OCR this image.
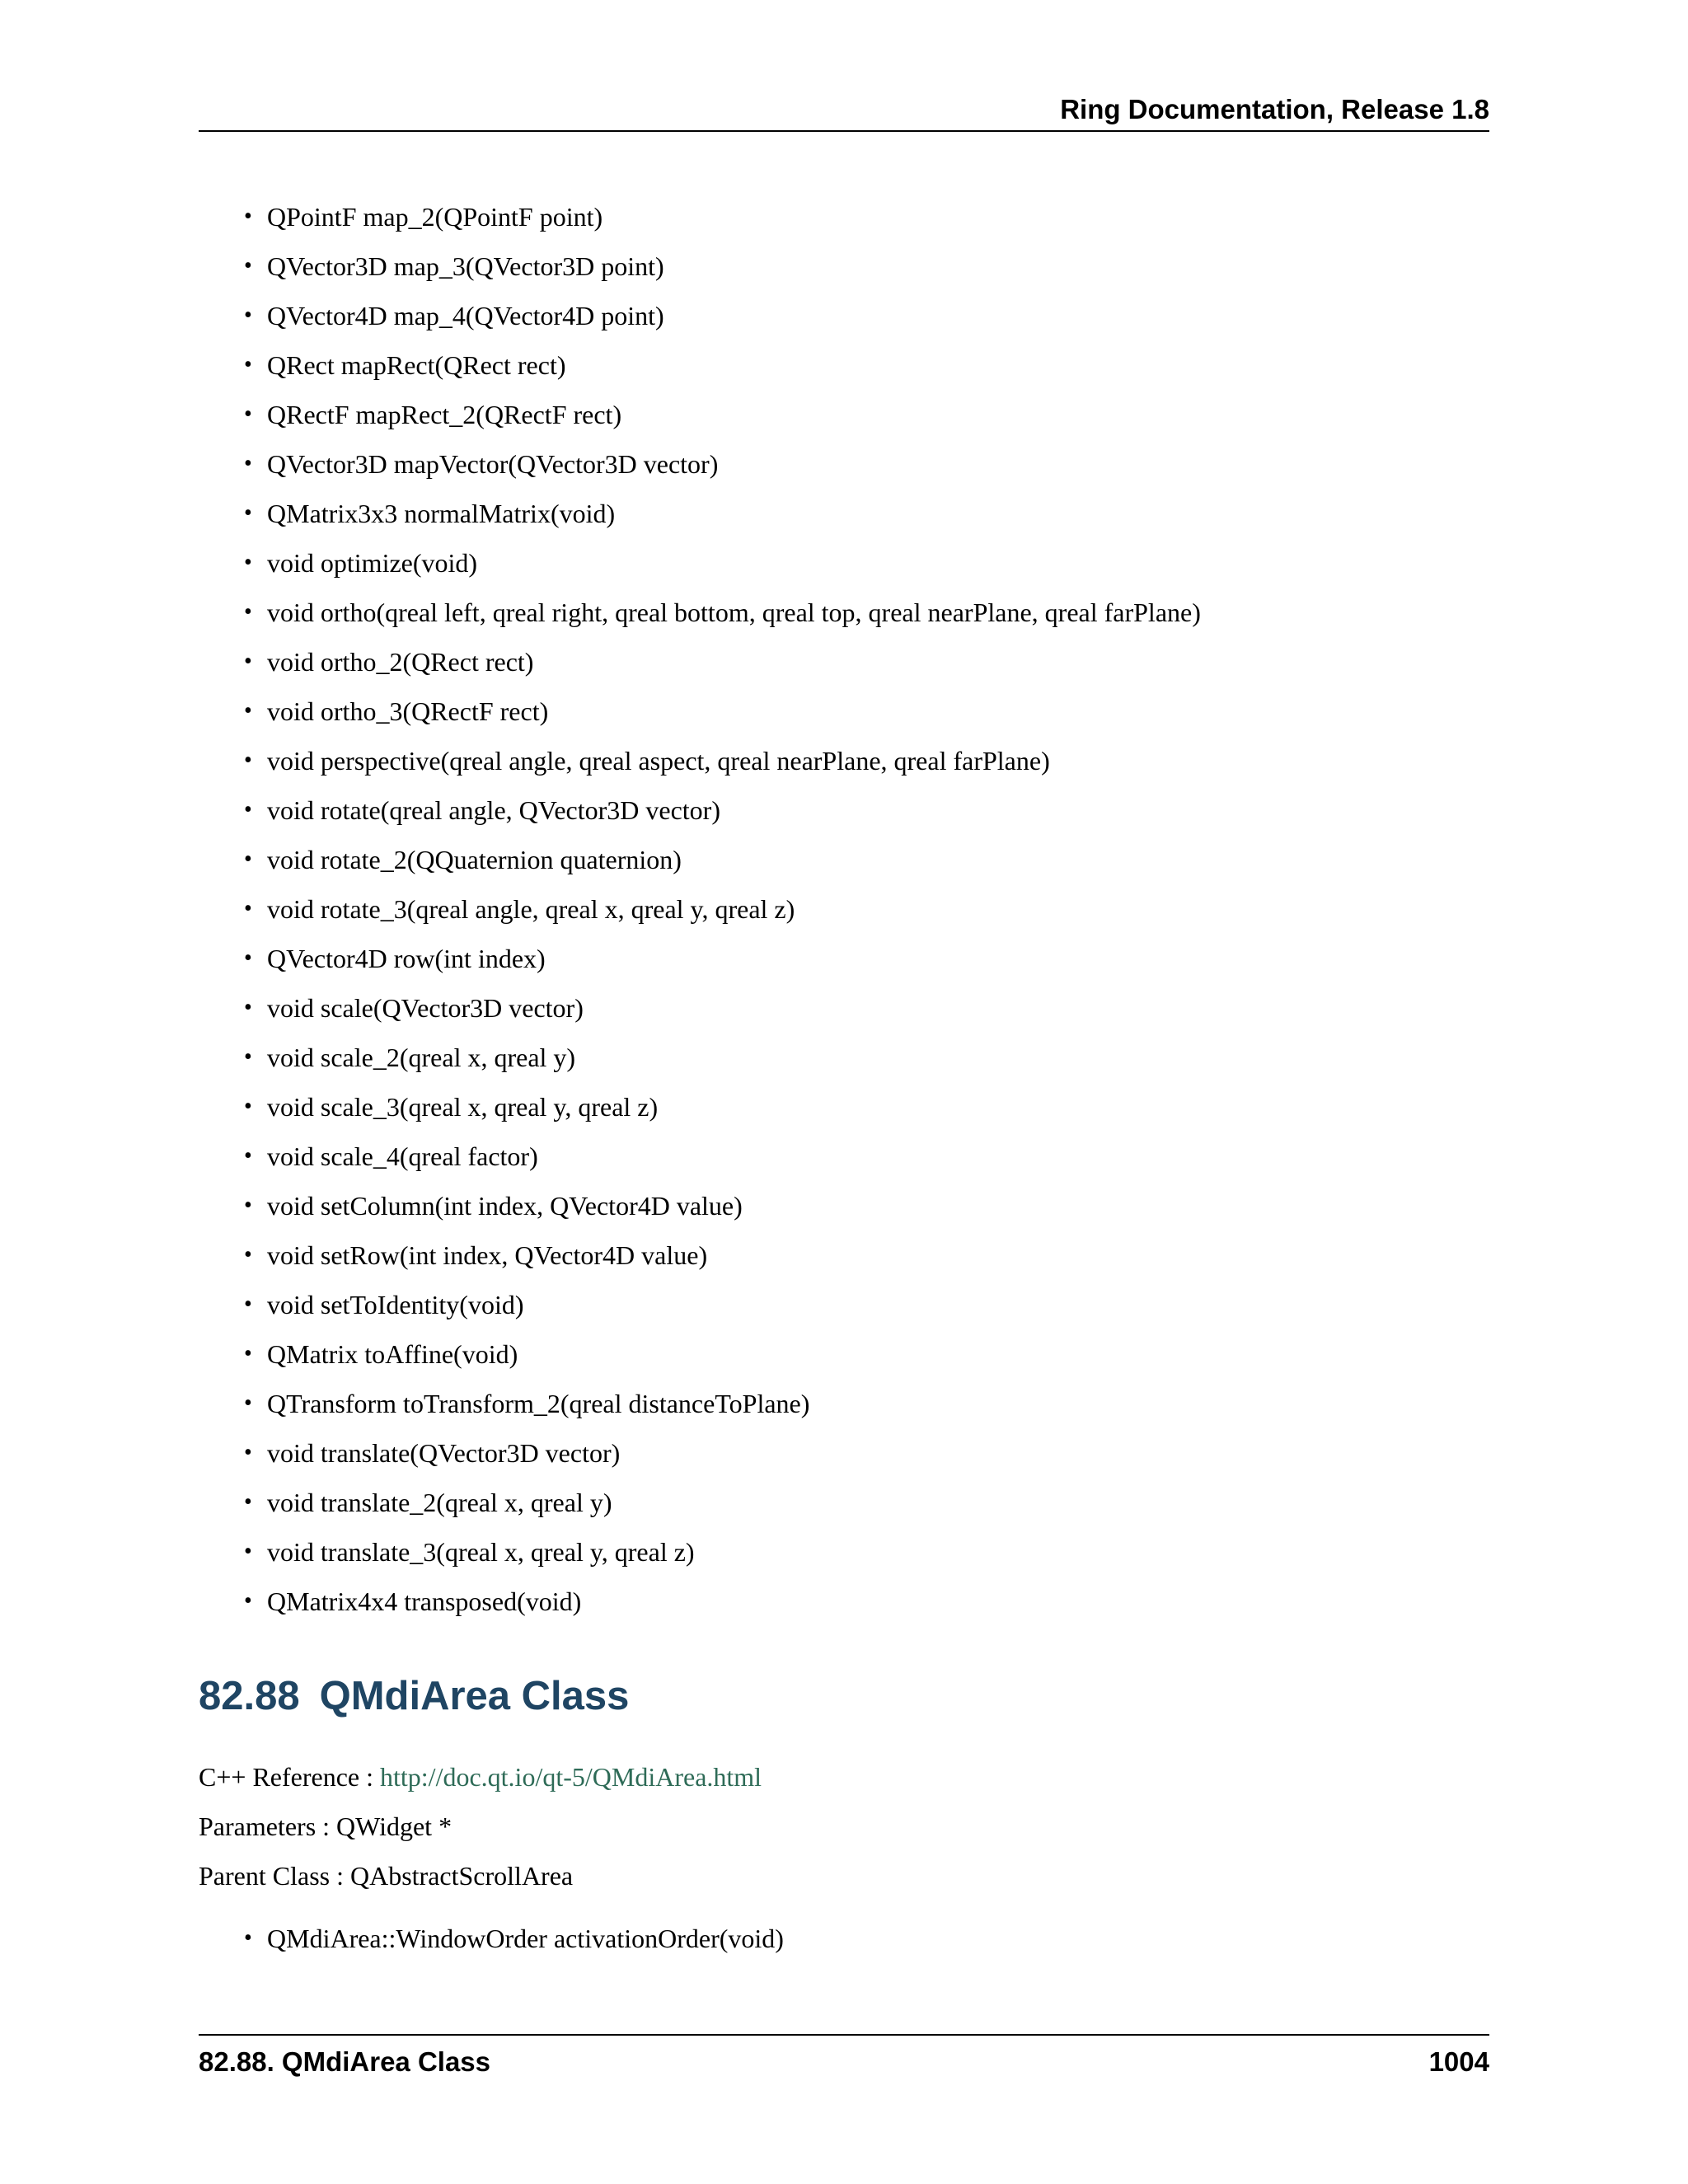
Ring Documentation, Release 1.8
• QPointF map_2(QPointF point)
• QVector3D map_3(QVector3D point)
• QVector4D map_4(QVector4D point)
• QRect mapRect(QRect rect)
• QRectF mapRect_2(QRectF rect)
• QVector3D mapVector(QVector3D vector)
• QMatrix3x3 normalMatrix(void)
• void optimize(void)
• void ortho(qreal left, qreal right, qreal bottom, qreal top, qreal nearPlane, qreal farPlane)
• void ortho_2(QRect rect)
• void ortho_3(QRectF rect)
• void perspective(qreal angle, qreal aspect, qreal nearPlane, qreal farPlane)
• void rotate(qreal angle, QVector3D vector)
• void rotate_2(QQuaternion quaternion)
• void rotate_3(qreal angle, qreal x, qreal y, qreal z)
• QVector4D row(int index)
• void scale(QVector3D vector)
• void scale_2(qreal x, qreal y)
• void scale_3(qreal x, qreal y, qreal z)
• void scale_4(qreal factor)
• void setColumn(int index, QVector4D value)
• void setRow(int index, QVector4D value)
• void setToIdentity(void)
• QMatrix toAffine(void)
• QTransform toTransform_2(qreal distanceToPlane)
• void translate(QVector3D vector)
• void translate_2(qreal x, qreal y)
• void translate_3(qreal x, qreal y, qreal z)
• QMatrix4x4 transposed(void)
82.88 QMdiArea Class
C++ Reference : http://doc.qt.io/qt-5/QMdiArea.html
Parameters : QWidget *
Parent Class : QAbstractScrollArea
• QMdiArea::WindowOrder activationOrder(void)
82.88. QMdiArea Class	1004
